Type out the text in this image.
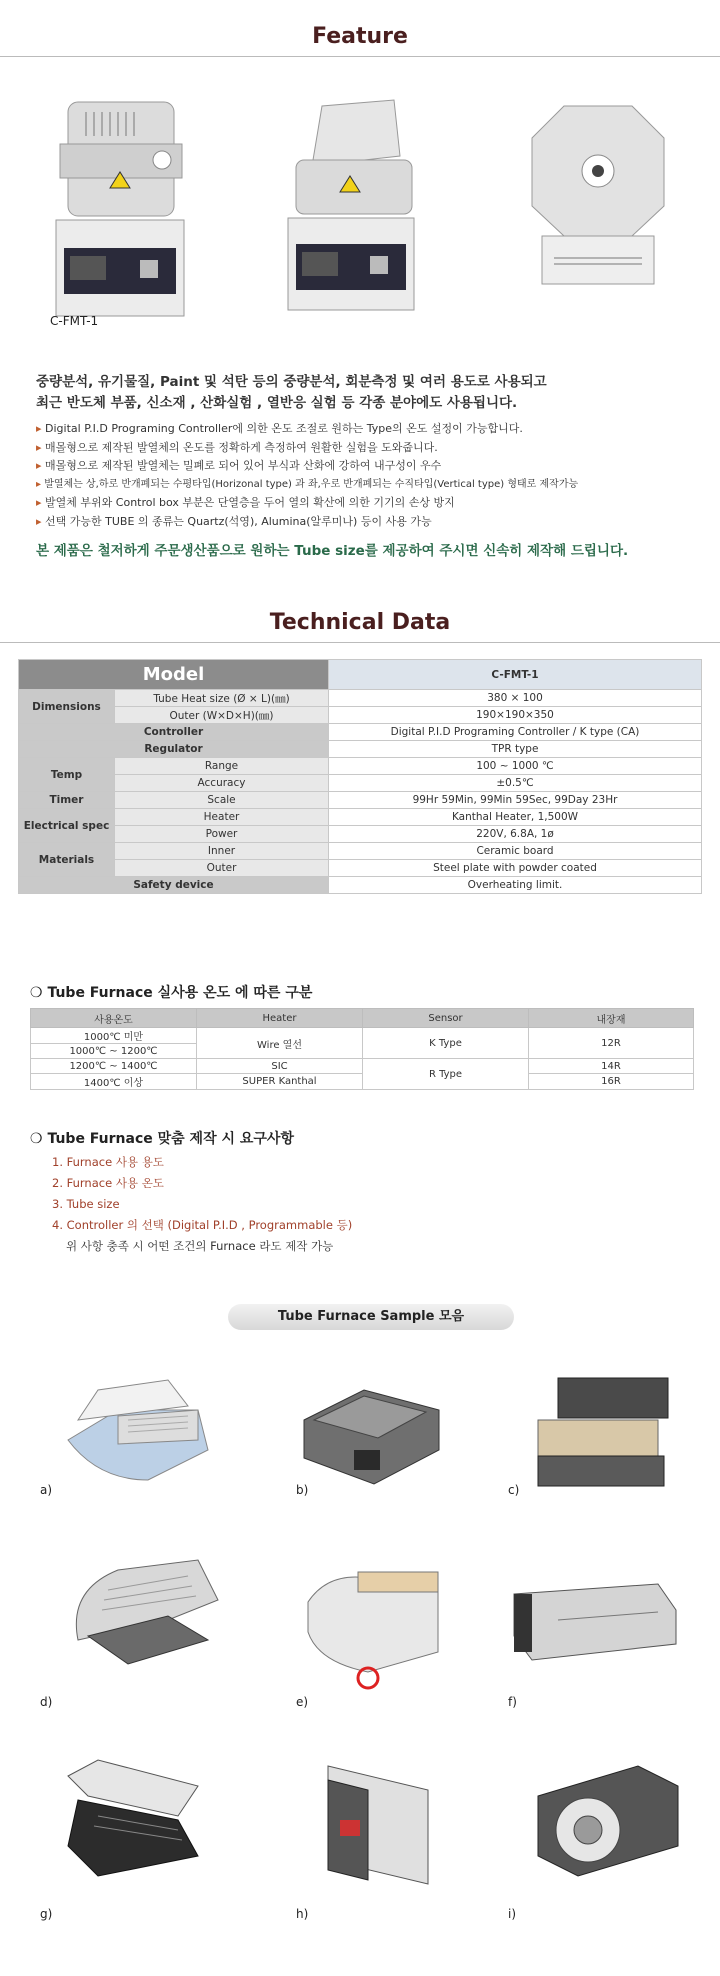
Feature
C-FMT-1
중량분석, 유기물질, Paint 및 석탄 등의 중량분석, 회분측정 및 여러 용도로 사용되고
최근 반도체 부품, 신소재 , 산화실험 , 열반응 실험 등 각종 분야에도 사용됩니다.
▸ Digital P.I.D Programing Controller에 의한 온도 조절로 원하는 Type의 온도 설정이 가능합니다.
▸ 매몰형으로 제작된 발열체의 온도를 정확하게 측정하여 원활한 실험을 도와줍니다.
▸ 매몰형으로 제작된 발열체는 밀폐로 되어 있어 부식과 산화에 강하여 내구성이 우수
▸ 발열체는 상,하로 반개폐되는 수평타입(Horizonal type) 과 좌,우로 반개폐되는 수직타입(Vertical type) 형태로 제작가능
▸ 발열체 부위와 Control box 부분은 단열층을 두어 열의 확산에 의한 기기의 손상 방지
▸ 선택 가능한 TUBE 의 종류는 Quartz(석영), Alumina(알루미나) 등이 사용 가능
본 제품은 철저하게 주문생산품으로 원하는 Tube size를 제공하여 주시면 신속히 제작해 드립니다.
Technical Data
Model		C-FMT-1
Dimensions	Tube Heat size (Ø × L)(㎜)	380 × 100
	Outer (W×D×H)(㎜)	190×190×350
Controller		Digital P.I.D Programing Controller / K type (CA)
Regulator		TPR type
Temp	Range	100 ~ 1000 ℃
	Accuracy	±0.5℃
Timer	Scale	99Hr 59Min, 99Min 59Sec, 99Day 23Hr
Electrical spec	Heater	Kanthal Heater, 1,500W
	Power	220V, 6.8A, 1ø
Materials	Inner	Ceramic board
	Outer	Steel plate with powder coated
Safety device		Overheating limit.
❍ Tube Furnace 실사용 온도 에 따른 구분
사용온도	Heater	Sensor	내장재
1000℃ 미만	Wire 열선	K Type	12R
1000℃ ~ 1200℃			
1200℃ ~ 1400℃	SIC	R Type	14R
1400℃ 이상	SUPER Kanthal		16R
❍ Tube Furnace 맞춤 제작 시 요구사항
1. Furnace 사용 용도
2. Furnace 사용 온도
3. Tube size
4. Controller 의 선택 (Digital P.I.D , Programmable 등)
위 사항 충족 시 어떤 조건의 Furnace 라도 제작 가능
Tube Furnace Sample 모음
a)	b)	c)
d)	e)	f)
g)	h)	i)
